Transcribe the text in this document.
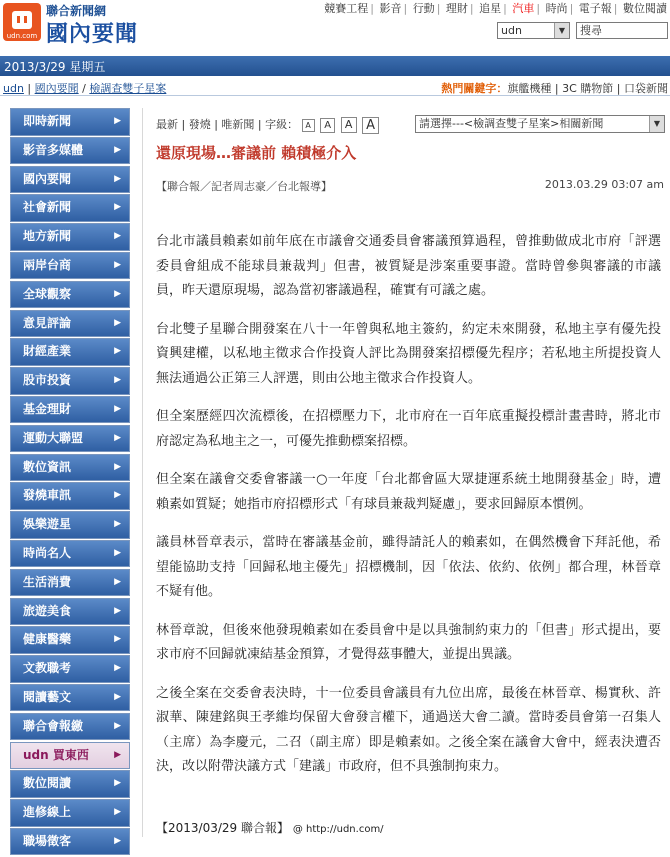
udn.com
聯合新聞網
國內要聞
競賽工程 | 影音 | 行動 | 理財 | 追星 | 汽車 | 時尚 | 電子報 | 數位閱讀
udn	▼	搜尋
2013/3/29 星期五
udn | 國內要聞 / 檢調查雙子星案	熱門關鍵字：旗艦機種 | 3C 購物節 | 口袋新聞
即時新聞	▶
影音多媒體	▶
國內要聞	▶
社會新聞	▶
地方新聞	▶
兩岸台商	▶
全球觀察	▶
意見評論	▶
財經產業	▶
股市投資	▶
基金理財	▶
運動大聯盟	▶
數位資訊	▶
發燒車訊	▶
娛樂遊星	▶
時尚名人	▶
生活消費	▶
旅遊美食	▶
健康醫藥	▶
文教職考	▶
閱讀藝文	▶
聯合會報繳	▶
udn 買東西	▶
數位閱讀	▶
進修線上	▶
職場徵客	▶
最新 | 發燒 | 唯新聞 | 字級： A A A A	請選擇---<檢調查雙子星案>相關新聞	▼
還原現場…審議前 賴積極介入
【聯合報／記者周志豪／台北報導】	2013.03.29 03:07 am

台北市議員賴素如前年底在市議會交通委員會審議預算過程，曾推動做成北市府「評選委員會組成不能球員兼裁判」但書，被質疑是涉案重要事證。當時曾參與審議的市議員，昨天還原現場，認為當初審議過程，確實有可議之處。

台北雙子星聯合開發案在八十一年曾與私地主簽約，約定未來開發，私地主享有優先投資興建權，以私地主徵求合作投資人評比為開發案招標優先程序；若私地主所提投資人無法通過公正第三人評選，則由公地主徵求合作投資人。

但全案歷經四次流標後，在招標壓力下，北市府在一百年底重擬投標計畫書時，將北市府認定為私地主之一，可優先推動標案招標。

但全案在議會交委會審議一○一年度「台北都會區大眾捷運系統土地開發基金」時，遭賴素如質疑；她指市府招標形式「有球員兼裁判疑慮」，要求回歸原本慣例。

議員林晉章表示，當時在審議基金前，雖得請託人的賴素如，在偶然機會下拜託他，希望能協助支持「回歸私地主優先」招標機制，因「依法、依約、依例」都合理，林晉章不疑有他。

林晉章說，但後來他發現賴素如在委員會中是以具強制約束力的「但書」形式提出，要求市府不回歸就凍結基金預算，才覺得茲事體大，並提出異議。

之後全案在交委會表決時，十一位委員會議員有九位出席，最後在林晉章、楊實秋、許淑華、陳建銘與王孝維均保留大會發言權下，通過送大會二讀。當時委員會第一召集人（主席）為李慶元，二召（副主席）即是賴素如。之後全案在議會大會中，經表決遭否決，改以附帶決議方式「建議」市政府，但不具強制拘束力。

【2013/03/29 聯合報】 @ http://udn.com/
